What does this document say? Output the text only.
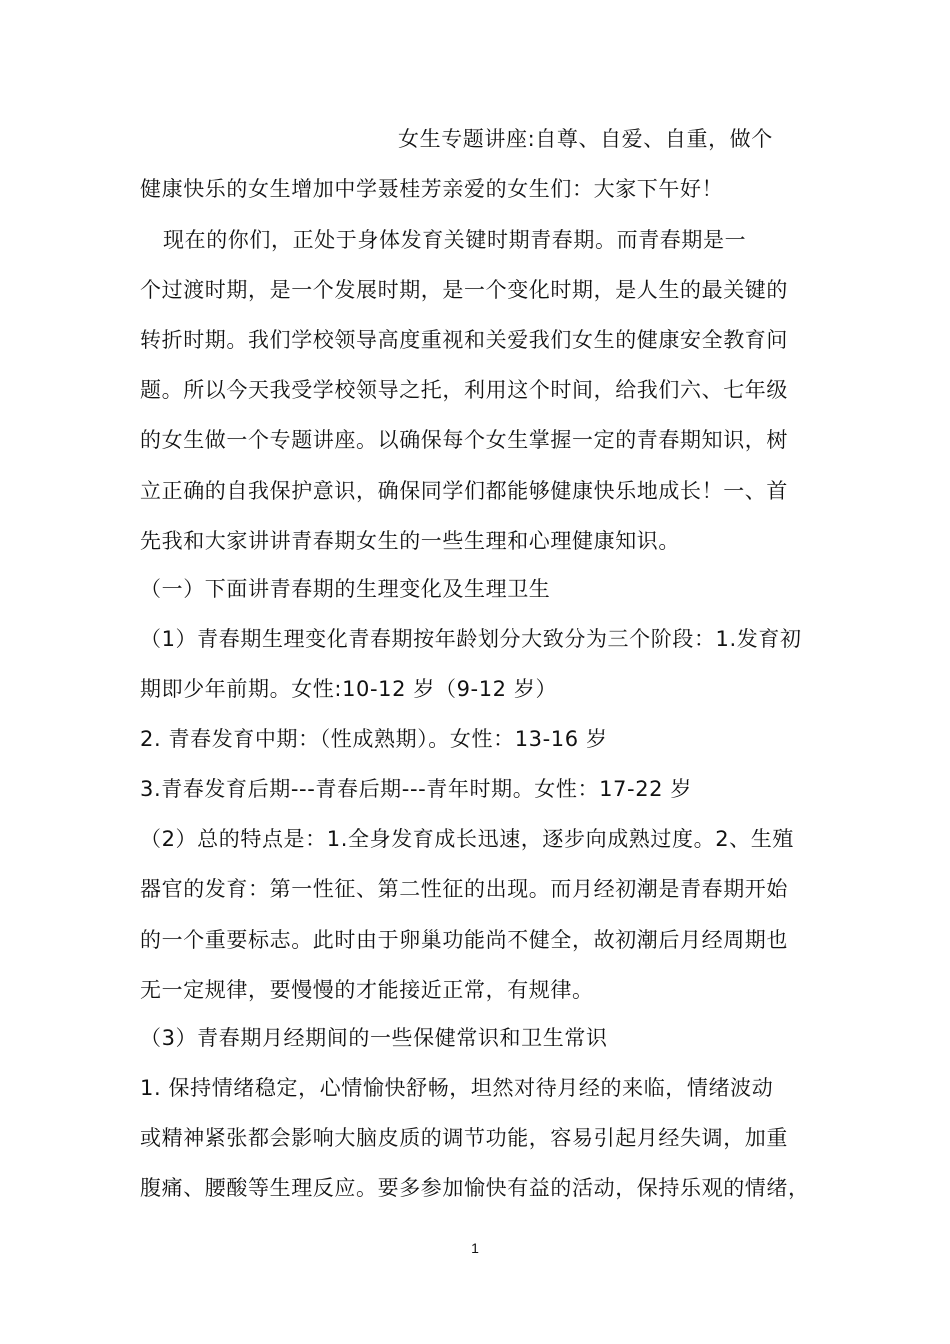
女生专题讲座:自尊、自爱、自重，做个
健康快乐的女生增加中学聂桂芳亲爱的女生们：大家下午好！
现在的你们，正处于身体发育关键时期青春期。而青春期是一
个过渡时期，是一个发展时期，是一个变化时期，是人生的最关键的
转折时期。我们学校领导高度重视和关爱我们女生的健康安全教育问
题。所以今天我受学校领导之托，利用这个时间，给我们六、七年级
的女生做一个专题讲座。以确保每个女生掌握一定的青春期知识，树
立正确的自我保护意识，确保同学们都能够健康快乐地成长！一、首
先我和大家讲讲青春期女生的一些生理和心理健康知识。
（一）下面讲青春期的生理变化及生理卫生
（1）青春期生理变化青春期按年龄划分大致分为三个阶段：1.发育初
期即少年前期。女性:10-12 岁（9-12 岁）
2. 青春发育中期：（性成熟期）。女性：13-16 岁
3.青春发育后期---青春后期---青年时期。女性：17-22 岁
（2）总的特点是：1.全身发育成长迅速，逐步向成熟过度。2、生殖
器官的发育：第一性征、第二性征的出现。而月经初潮是青春期开始
的一个重要标志。此时由于卵巢功能尚不健全，故初潮后月经周期也
无一定规律，要慢慢的才能接近正常，有规律。
（3）青春期月经期间的一些保健常识和卫生常识
1. 保持情绪稳定，心情愉快舒畅，坦然对待月经的来临，情绪波动
或精神紧张都会影响大脑皮质的调节功能，容易引起月经失调，加重
腹痛、腰酸等生理反应。要多参加愉快有益的活动，保持乐观的情绪，
1
